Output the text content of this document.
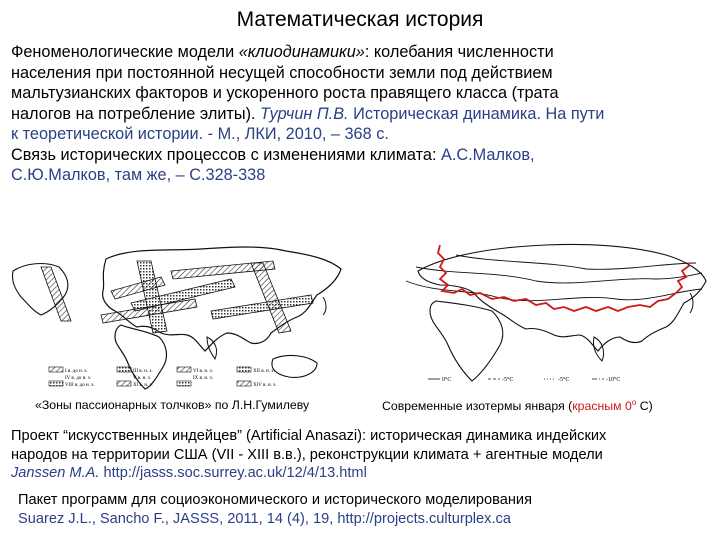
Математическая история
Феноменологические модели «клиодинамики»: колебания численности
населения при постоянной несущей способности земли под действием
мальтузианских факторов и ускоренного роста правящего класса (трата
налогов на потребление элиты). Турчин П.В. Историческая динамика. На пути
к теоретической истории. - М., ЛКИ, 2010, – 368 с.
Связь исторических процессов с изменениями климата: А.С.Малков,
С.Ю.Малков, там же, – С.328-338
I в. до н. э.	III в. н. э.	VI в. н. э.	XII в. н. э.
IV в. до н. э.	V в. н. э.	IX в. н. э.
VIII в. до н. э.	XI в. н. э.	XIV в. н. э.
0°C	-5°C	-5°C	-10°C
«Зоны пассионарных толчков» по Л.Н.Гумилеву	Современные изотермы января (красным 0$^o$ С)
Проект “искусственных индейцев” (Artificial Anasazi): историческая динамика индейских
народов на территории США (VII - XIII в.в.), реконструкции климата + агентные модели
Janssen M.A. http://jasss.soc.surrey.ac.uk/12/4/13.html
Пакет программ для социоэкономического и исторического моделирования
Suarez J.L., Sancho F., JASSS, 2011, 14 (4), 19, http://projects.culturplex.ca
